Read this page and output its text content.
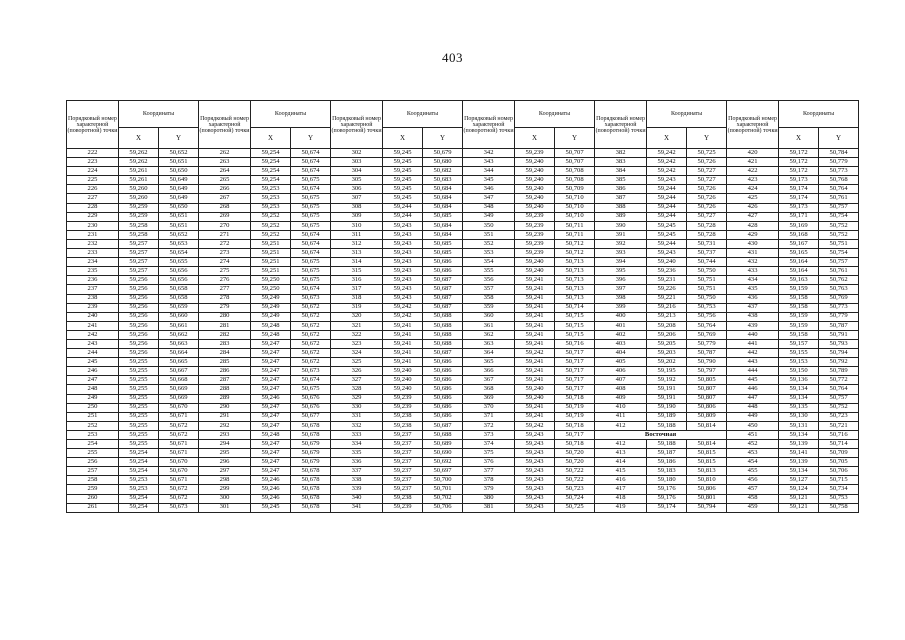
403
Порядковый номер характерной (поворотной) точки	Координаты		Порядковый номер характерной (поворотной) точки	Координаты		Порядковый номер характерной (поворотной) точки	Координаты		Порядковый номер характерной (поворотной) точки	Координаты		Порядковый номер характерной (поворотной) точки	Координаты		Порядковый номер характерной (поворотной) точки	Координаты	
	X	Y		X	Y		X	Y		X	Y		X	Y		X	Y
222	59,262	50,652	262	59,254	50,674	302	59,245	50,679	342	59,239	50,707	382	59,242	50,725	420	59,172	50,784
223	59,262	50,651	263	59,254	50,674	303	59,245	50,680	343	59,240	50,707	383	59,242	50,726	421	59,172	50,779
224	59,261	50,650	264	59,254	50,674	304	59,245	50,682	344	59,240	50,708	384	59,242	50,727	422	59,172	50,773
225	59,261	50,649	265	59,254	50,675	305	59,245	50,683	345	59,240	50,708	385	59,243	50,727	423	59,173	50,768
226	59,260	50,649	266	59,253	50,674	306	59,245	50,684	346	59,240	50,709	386	59,244	50,726	424	59,174	50,764
227	59,260	50,649	267	59,253	50,675	307	59,245	50,684	347	59,240	50,710	387	59,244	50,726	425	59,174	50,761
228	59,259	50,650	268	59,253	50,675	308	59,244	50,684	348	59,240	50,710	388	59,244	50,726	426	59,173	50,757
229	59,259	50,651	269	59,252	50,675	309	59,244	50,685	349	59,239	50,710	389	59,244	50,727	427	59,171	50,754
230	59,258	50,651	270	59,252	50,675	310	59,243	50,684	350	59,239	50,711	390	59,245	50,728	428	59,169	50,752
231	59,258	50,652	271	59,252	50,674	311	59,243	50,684	351	59,239	50,711	391	59,245	50,728	429	59,168	50,752
232	59,257	50,653	272	59,251	50,674	312	59,243	50,685	352	59,239	50,712	392	59,244	50,731	430	59,167	50,751
233	59,257	50,654	273	59,251	50,674	313	59,243	50,685	353	59,239	50,712	393	59,243	50,737	431	59,165	50,754
234	59,257	50,655	274	59,251	50,675	314	59,243	50,686	354	59,240	50,713	394	59,240	50,744	432	59,164	50,757
235	59,257	50,656	275	59,251	50,675	315	59,243	50,686	355	59,240	50,713	395	59,236	50,750	433	59,164	50,761
236	59,256	50,656	276	59,250	50,675	316	59,243	50,687	356	59,241	50,713	396	59,231	50,751	434	59,163	50,762
237	59,256	50,658	277	59,250	50,674	317	59,243	50,687	357	59,241	50,713	397	59,226	50,751	435	59,159	50,763
238	59,256	50,658	278	59,249	50,673	318	59,243	50,687	358	59,241	50,713	398	59,221	50,750	436	59,158	50,769
239	59,256	50,659	279	59,249	50,672	319	59,242	50,687	359	59,241	50,714	399	59,216	50,753	437	59,158	50,773
240	59,256	50,660	280	59,249	50,672	320	59,242	50,688	360	59,241	50,715	400	59,213	50,756	438	59,159	50,779
241	59,256	50,661	281	59,248	50,672	321	59,241	50,688	361	59,241	50,715	401	59,208	50,764	439	59,159	50,787
242	59,256	50,662	282	59,248	50,672	322	59,241	50,688	362	59,241	50,715	402	59,206	50,769	440	59,158	50,791
243	59,256	50,663	283	59,247	50,672	323	59,241	50,688	363	59,241	50,716	403	59,205	50,779	441	59,157	50,793
244	59,256	50,664	284	59,247	50,672	324	59,241	50,687	364	59,242	50,717	404	59,203	50,787	442	59,155	50,794
245	59,255	50,665	285	59,247	50,672	325	59,241	50,686	365	59,241	50,717	405	59,202	50,790	443	59,153	50,792
246	59,255	50,667	286	59,247	50,673	326	59,240	50,686	366	59,241	50,717	406	59,195	50,797	444	59,150	50,789
247	59,255	50,668	287	59,247	50,674	327	59,240	50,686	367	59,241	50,717	407	59,192	50,805	445	59,136	50,772
248	59,255	50,669	288	59,247	50,675	328	59,240	50,686	368	59,240	50,717	408	59,191	50,807	446	59,134	50,764
249	59,255	50,669	289	59,246	50,676	329	59,239	50,686	369	59,240	50,718	409	59,191	50,807	447	59,134	50,757
250	59,255	50,670	290	59,247	50,676	330	59,239	50,686	370	59,241	50,719	410	59,190	50,806	448	59,135	50,752
251	59,255	50,671	291	59,247	50,677	331	59,238	50,686	371	59,241	50,719	411	59,189	50,809	449	59,130	50,723
252	59,255	50,672	292	59,247	50,678	332	59,238	50,687	372	59,242	50,718	412	59,188	50,814	450	59,131	50,721
253	59,255	50,672	293	59,248	50,678	333	59,237	50,688	373	59,243	50,717	Восточная			451	59,134	50,716
254	59,255	50,671	294	59,247	50,679	334	59,237	50,689	374	59,243	50,718	412	59,188	50,814	452	59,139	50,714
255	59,254	50,671	295	59,247	50,679	335	59,237	50,690	375	59,243	50,720	413	59,187	50,815	453	59,141	50,709
256	59,254	50,670	296	59,247	50,679	336	59,237	50,692	376	59,243	50,720	414	59,186	50,815	454	59,139	50,705
257	59,254	50,670	297	59,247	50,678	337	59,237	50,697	377	59,243	50,722	415	59,183	50,813	455	59,134	50,706
258	59,253	50,671	298	59,246	50,678	338	59,237	50,700	378	59,243	50,722	416	59,180	50,810	456	59,127	50,715
259	59,253	50,672	299	59,246	50,678	339	59,237	50,701	379	59,243	50,723	417	59,176	50,806	457	59,124	50,734
260	59,254	50,672	300	59,246	50,678	340	59,238	50,702	380	59,243	50,724	418	59,176	50,801	458	59,121	50,753
261	59,254	50,673	301	59,245	50,678	341	59,239	50,706	381	59,243	50,725	419	59,174	50,794	459	59,121	50,758
